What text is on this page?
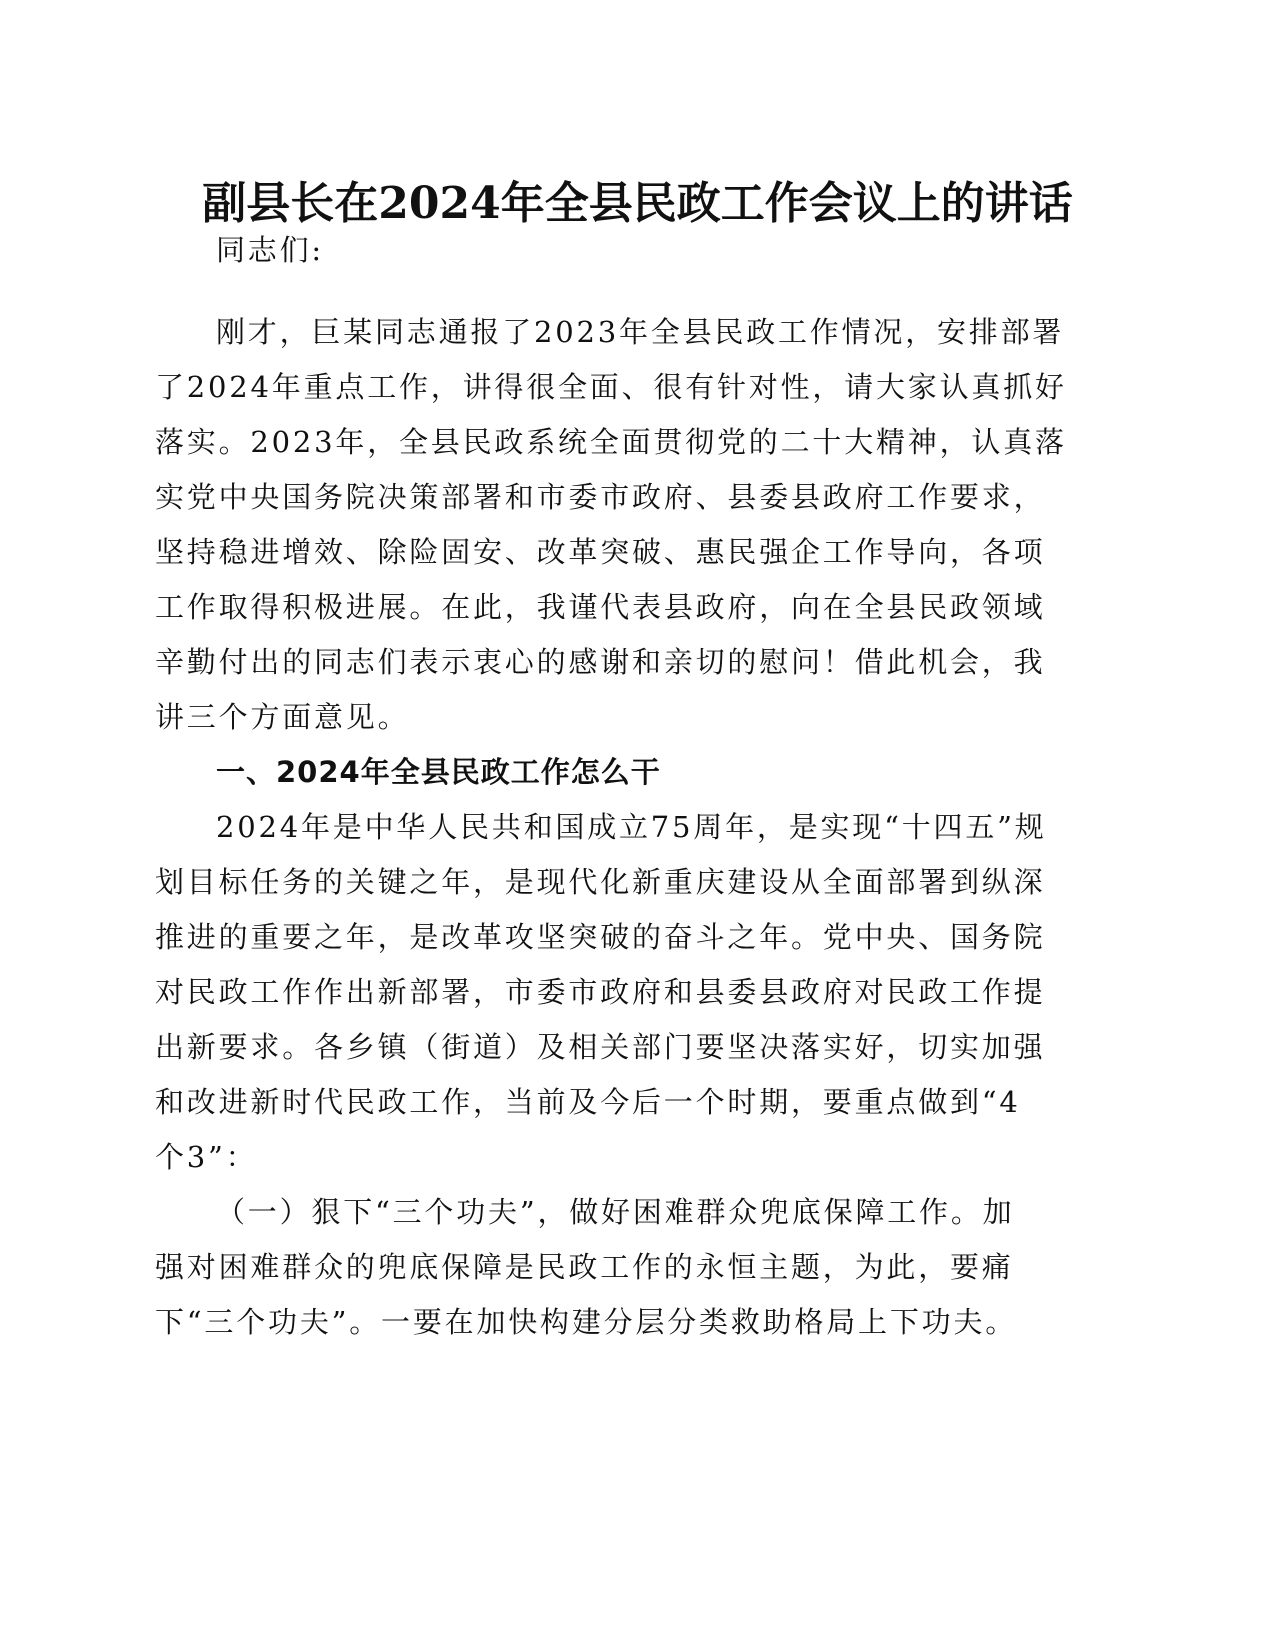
副县长在2024年全县民政工作会议上的讲话
同志们:
刚才，巨某同志通报了2023年全县民政工作情况，安排部署
了2024年重点工作，讲得很全面、很有针对性，请大家认真抓好
落实。2023年，全县民政系统全面贯彻党的二十大精神，认真落
实党中央国务院决策部署和市委市政府、县委县政府工作要求，
坚持稳进增效、除险固安、改革突破、惠民强企工作导向，各项
工作取得积极进展。在此，我谨代表县政府，向在全县民政领域
辛勤付出的同志们表示衷心的感谢和亲切的慰问！借此机会，我
讲三个方面意见。
一、2024年全县民政工作怎么干
2024年是中华人民共和国成立75周年，是实现“十四五”规
划目标任务的关键之年，是现代化新重庆建设从全面部署到纵深
推进的重要之年，是改革攻坚突破的奋斗之年。党中央、国务院
对民政工作作出新部署，市委市政府和县委县政府对民政工作提
出新要求。各乡镇（街道）及相关部门要坚决落实好，切实加强
和改进新时代民政工作，当前及今后一个时期，要重点做到“4
个3”：
（一）狠下“三个功夫”，做好困难群众兜底保障工作。加
强对困难群众的兜底保障是民政工作的永恒主题，为此，要痛
下“三个功夫”。一要在加快构建分层分类救助格局上下功夫。
